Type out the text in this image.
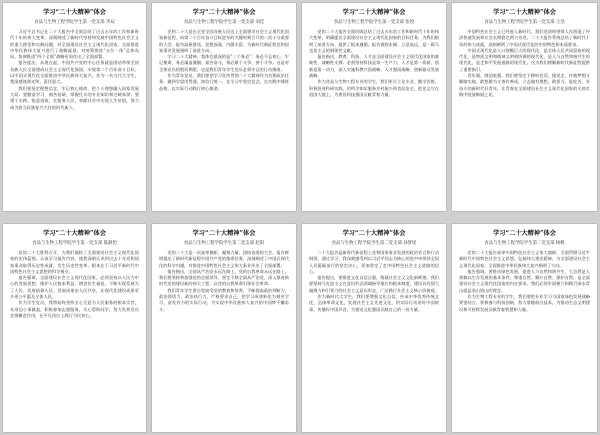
学习“二十大精神”体会
食品与生物工程学院学生第一党支部 李辰

习近平总书记在二十大报告中全面总结了过去五年的工作和新时代十年的伟大变革，深刻阐述了新时代坚持和发展中国特色社会主义的重大理论和实践问题，对全面建设社会主义现代化国家、全面推进中华民族伟大复兴进行了战略谋划，对统筹推进“五位一体”总体布局、协调推进“四个全面”战略布局作出了全面部署。

报告提出，从现在起，中国共产党的中心任务就是团结带领全国各族人民全面建成社会主义现代化强国、实现第二个百年奋斗目标，以中国式现代化全面推进中华民族伟大复兴。作为一名当代大学生，我深感使命光荣、责任重大。

我们要坚定理想信念，牢记初心使命，把个人理想融入国家发展大局；要勤奋学习、刻苦钻研，掌握扎实的专业知识和过硬本领；要勇于实践、锐意进取，在服务人民、奉献社会中实现人生价值，努力成为担当民族复兴大任的时代新人。

学习“二十大精神”体会
食品与生物工程学院学生第一党支部 刘佳

党的二十大是在全党全国各族人民迈上全面建设社会主义现代化国家新征程、向第二个百年奋斗目标进军的关键时刻召开的一次十分重要的大会。报告高屋建瓴、思想深邃、内涵丰富，为新时代新征程党和国家事业发展指明了前进方向。

学习二十大精神，我体会最深的是“三个务必”：务必不忘初心、牢记使命，务必谦虚谨慎、艰苦奋斗，务必敢于斗争、善于斗争。这是对全体党员的殷切期望，也是我们青年学生党员必须牢记的行动指南。

作为青年党员，我们要把学习宣传贯彻二十大精神作为首要政治任务，做到学思用贯通、知信行统一，在学习中坚定信念，在实践中锤炼品格，以实际行动践行初心使命。

学习“二十大精神”体会
食品与生物工程学院学生第一党支部 张悦

党的二十大报告全面回顾总结了过去五年的工作和新时代十年的伟大变革，明确提出全面建设社会主义现代化国家的目标任务，为我们指明了前进方向、提供了根本遵循。报告视野宏阔、立意高远，是一篇马克思主义的纲领性文献。

报告指出，教育、科技、人才是全面建设社会主义现代化国家的基础性、战略性支撑。必须坚持科技是第一生产力、人才是第一资源、创新是第一动力，深入实施科教兴国战略、人才强国战略、创新驱动发展战略。

作为食品与生物工程专业的学生，我们更应立足专业，勤学苦练，积极投身科研实践，用所学知识服务乡村振兴和食品安全，把论文写在祖国大地上，为建设科技强国贡献青春力量。

学习“二十大精神”体会
食品与生物工程学院学生第一党支部 王浩

中国特色社会主义已经进入新时代，我们党团结带领人民创造了经济快速发展和社会长期稳定两大奇迹。二十大报告系统总结了新时代十年的伟大成就，深刻阐明了中国式现代化的中国特色和本质要求。

中国式现代化是人口规模巨大的现代化，是全体人民共同富裕的现代化，是物质文明和精神文明相协调的现代化，是人与自然和谐共生的现代化，是走和平发展道路的现代化。这为我们理解新时代新征程提供了重要指引。

青年强，则国家强。我们要坚定不移听党话、跟党走，怀抱梦想又脚踏实地，敢想敢为又善作善成，立志做有理想、敢担当、能吃苦、肯奋斗的新时代好青年，让青春在全面建设社会主义现代化国家的火热实践中绽放绚丽之花。

学习“二十大精神”体会
食品与生物工程学院学生第一党支部 陈静怡

党的二十大胜利召开，为我们描绘了全面建设社会主义现代化国家的宏伟蓝图。认真学习报告内容，使我深刻认识到过去十年党和国家事业取得历史性成就、发生历史性变革，根本在于习近平新时代中国特色社会主义思想的科学指引。

报告强调，全面建设社会主义现代化国家，必须坚持以人民为中心的发展思想，维护人民根本利益，增进民生福祉，不断实现发展为了人民、发展依靠人民、发展成果由人民共享，让现代化建设成果更多更公平惠及全体人民。

作为学生党员，我将始终坚持全心全意为人民服务的根本宗旨，从身边小事做起，积极参加志愿服务，关心帮助同学，努力发挥党员先锋模范作用，在平凡岗位上践行为民初心。

学习“二十大精神”体会
食品与生物工程学院学生第二党支部 赵阳

党的二十大是一次高举旗帜、凝聚力量、团结奋进的大会。报告鲜明提出了新时代新征程中国共产党的使命任务，深刻阐述了中国式现代化的科学内涵，对推进中国特色社会主义伟大事业作出了全面部署。

报告指出，全面从严治党永远在路上，党的自我革命永远在路上。我们要坚持和加强党的全面领导，坚定不移全面从严治党，深入推进新时代党的建设新的伟大工程，以党的自我革命引领社会革命。

我们青年学生要自觉接受党的教育和培养，不断提高政治判断力、政治领悟力、政治执行力，严格要求自己，把学习成效转化为刻苦学习、奋发有为的实际行动，为实现中华民族伟大复兴的中国梦不懈奋斗。

学习“二十大精神”体会
食品与生物工程学院学生第二党支部 孙梦瑶

二十大报告是新时代新征程上党和国家事业发展的政治宣言和行动纲领。通过学习，我深刻感受到以习近平同志为核心的党中央带领全国人民砥砺前行的坚定决心，更加坚定了走中国特色社会主义道路的信心。

报告提出，要推进文化自信自强，铸就社会主义文化新辉煌。我们要坚持马克思主义在意识形态领域指导地位的根本制度，建设具有强大凝聚力和引领力的社会主义意识形态，广泛践行社会主义核心价值观。

作为新时代大学生，我们要增强文化自信，传承中华优秀传统文化，弘扬革命文化，发展社会主义先进文化，用实际行动讲好中国故事，传播好中国声音，为建设文化强国贡献自己的一份力量。

学习“二十大精神”体会
食品与生物工程学院学生第二党支部 杨帆

党的二十大报告高举中国特色社会主义伟大旗帜，全面贯彻习近平新时代中国特色社会主义思想，弘扬伟大建党精神，为全面建设社会主义现代化国家、全面推进中华民族伟大复兴指明了方向。

报告强调，要推动绿色发展，促进人与自然和谐共生。大自然是人类赖以生存发展的基本条件，尊重自然、顺应自然、保护自然，是全面建设社会主义现代化国家的内在要求。我们必须牢固树立和践行绿水青山就是金山银山的理念。

作为生物工程专业的学生，我们要把专业学习与国家绿色发展战略紧密结合，积极参与科技创新，努力掌握前沿技术，为推动生态文明建设和可持续发展贡献青春智慧和力量。
